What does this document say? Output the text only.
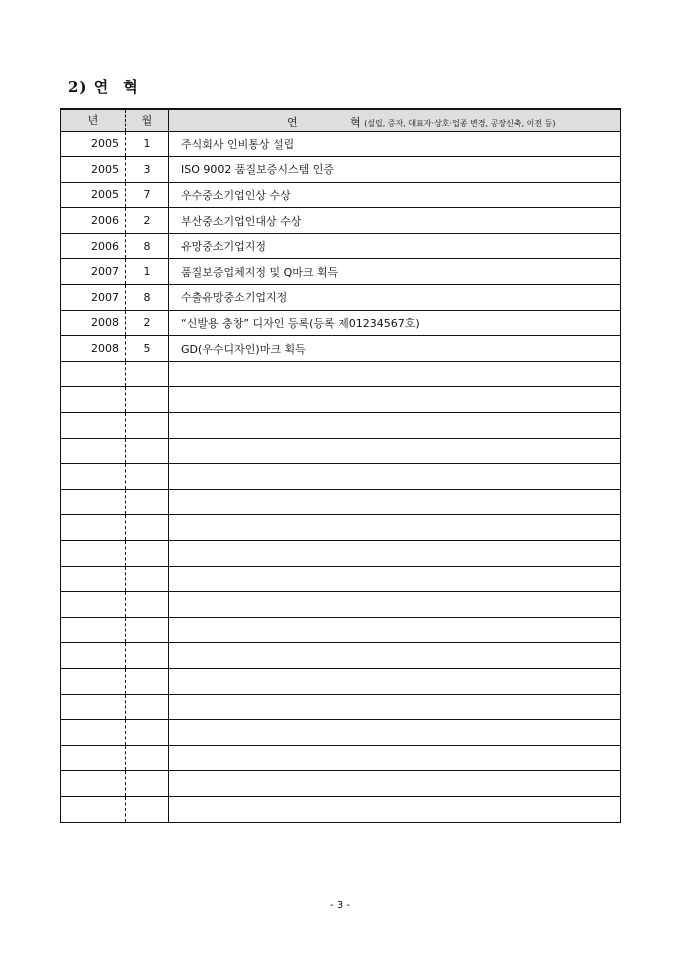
2) 연 혁
년	월	연 혁 (설립, 증자, 대표자·상호·업종 변경, 공장신축, 이전 등)

2005	1	주식회사 인비통상 설립
2005	3	ISO 9002 품질보증시스템 인증
2005	7	우수중소기업인상 수상
2006	2	부산중소기업인대상 수상
2006	8	유망중소기업지정
2007	1	품질보증업체지정 및 Q마크 획득
2007	8	수출유망중소기업지정
2008	2	“신발용 충창” 디자인 등록(등록 제01234567호)
2008	5	GD(우수디자인)마크 획득

- 3 -
